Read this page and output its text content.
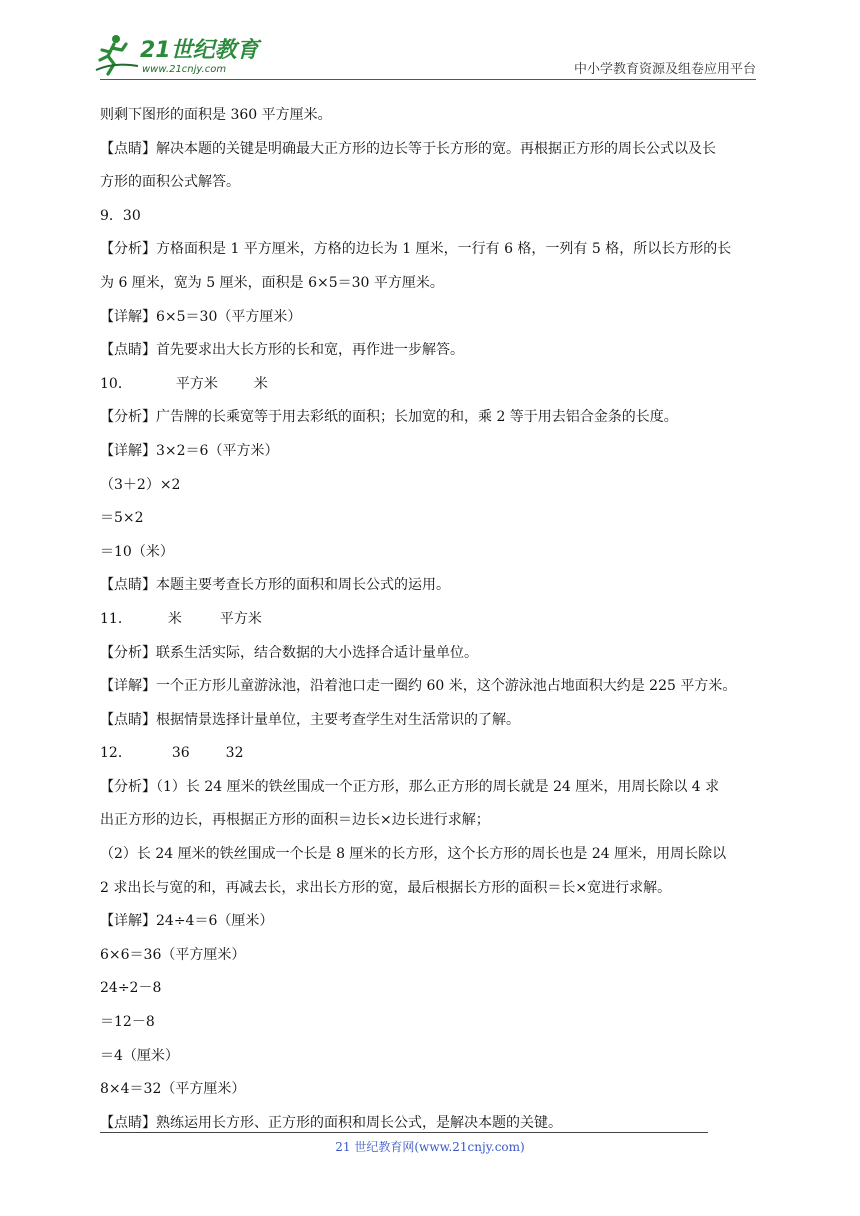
21世纪教育
www.21cnjy.com	中小学教育资源及组卷应用平台
则剩下图形的面积是 360 平方厘米。
【点睛】解决本题的关键是明确最大正方形的边长等于长方形的宽。再根据正方形的周长公式以及长
方形的面积公式解答。
9．30
【分析】方格面积是 1 平方厘米，方格的边长为 1 厘米，一行有 6 格，一列有 5 格，所以长方形的长
为 6 厘米，宽为 5 厘米，面积是 6×5＝30 平方厘米。
【详解】6×5＝30（平方厘米）
【点睛】首先要求出大长方形的长和宽，再作进一步解答。
10．	平方米	米
【分析】广告牌的长乘宽等于用去彩纸的面积；长加宽的和，乘 2 等于用去铝合金条的长度。
【详解】3×2＝6（平方米）
（3＋2）×2
＝5×2
＝10（米）
【点睛】本题主要考查长方形的面积和周长公式的运用。
11．	米	平方米
【分析】联系生活实际，结合数据的大小选择合适计量单位。
【详解】一个正方形儿童游泳池，沿着池口走一圈约 60 米，这个游泳池占地面积大约是 225 平方米。
【点睛】根据情景选择计量单位，主要考查学生对生活常识的了解。
12．	36	32
【分析】（1）长 24 厘米的铁丝围成一个正方形，那么正方形的周长就是 24 厘米，用周长除以 4 求
出正方形的边长，再根据正方形的面积＝边长×边长进行求解；
（2）长 24 厘米的铁丝围成一个长是 8 厘米的长方形，这个长方形的周长也是 24 厘米，用周长除以
2 求出长与宽的和，再减去长，求出长方形的宽，最后根据长方形的面积＝长×宽进行求解。
【详解】24÷4＝6（厘米）
6×6＝36（平方厘米）
24÷2－8
＝12－8
＝4（厘米）
8×4＝32（平方厘米）
【点睛】熟练运用长方形、正方形的面积和周长公式，是解决本题的关键。
21 世纪教育网(www.21cnjy.com)
